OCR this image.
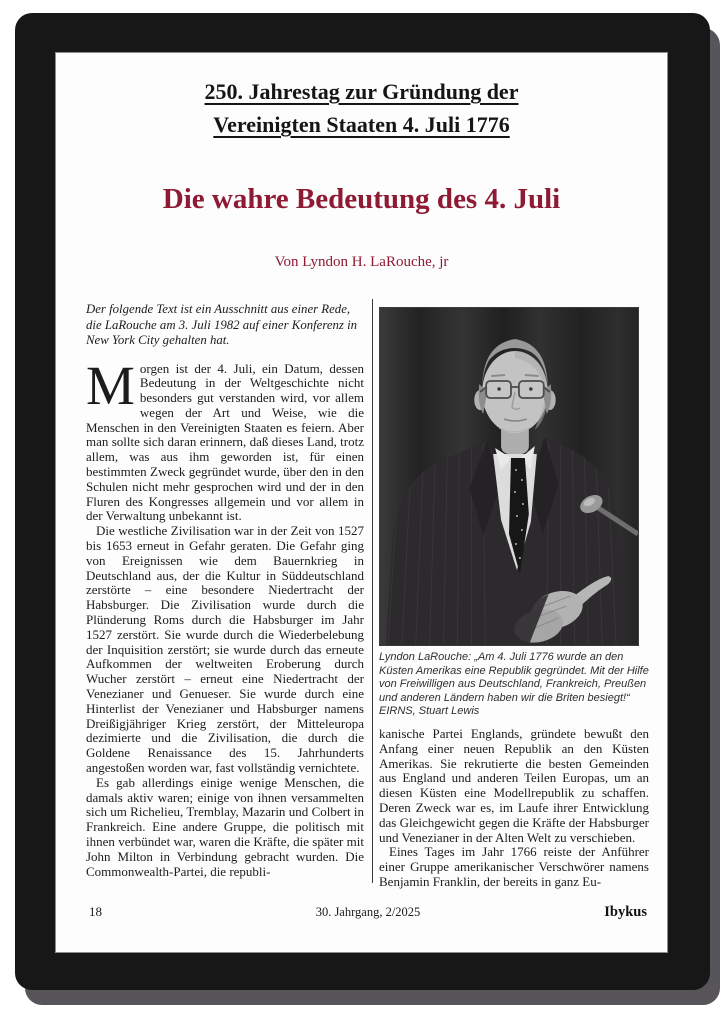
250. Jahrestag zur Gründung der
Vereinigten Staaten 4. Juli 1776
Die wahre Bedeutung des 4. Juli
Von Lyndon H. LaRouche, jr

Der folgende Text ist ein Ausschnitt aus einer Rede, die LaRouche am 3. Juli 1982 auf einer Konferenz in New York City gehalten hat.

Morgen ist der 4. Juli, ein Datum, dessen Bedeutung in der Weltgeschichte nicht besonders gut verstanden wird, vor allem wegen der Art und Weise, wie die Menschen in den Vereinigten Staaten es feiern. Aber man sollte sich daran erinnern, daß dieses Land, trotz allem, was aus ihm geworden ist, für einen bestimmten Zweck gegründet wurde, über den in den Schulen nicht mehr gesprochen wird und der in den Fluren des Kongresses allgemein und vor allem in der Verwaltung unbekannt ist.

Die westliche Zivilisation war in der Zeit von 1527 bis 1653 erneut in Gefahr geraten. Die Gefahr ging von Ereignissen wie dem Bauernkrieg in Deutschland aus, der die Kultur in Süddeutschland zerstörte – eine besondere Niedertracht der Habsburger. Die Zivilisation wurde durch die Plünderung Roms durch die Habsburger im Jahr 1527 zerstört. Sie wurde durch die Wiederbelebung der Inquisition zerstört; sie wurde durch das erneute Aufkommen der weltweiten Eroberung durch Wucher zerstört – erneut eine Niedertracht der Venezianer und Genueser. Sie wurde durch eine Hinterlist der Venezianer und Habsburger namens Dreißigjähriger Krieg zerstört, der Mitteleuropa dezimierte und die Zivilisation, die durch die Goldene Renaissance des 15. Jahrhunderts angestoßen worden war, fast vollständig vernichtete.

Es gab allerdings einige wenige Menschen, die damals aktiv waren; einige von ihnen versammelten sich um Richelieu, Tremblay, Mazarin und Colbert in Frankreich. Eine andere Gruppe, die politisch mit ihnen verbündet war, waren die Kräfte, die später mit John Milton in Verbindung gebracht wurden. Die Commonwealth-Partei, die republi-

Lyndon LaRouche: „Am 4. Juli 1776 wurde an den Küsten Amerikas eine Republik gegründet. Mit der Hilfe von Freiwilligen aus Deutschland, Frankreich, Preußen und anderen Ländern haben wir die Briten besiegt!“
EIRNS, Stuart Lewis

kanische Partei Englands, gründete bewußt den Anfang einer neuen Republik an den Küsten Amerikas. Sie rekrutierte die besten Gemeinden aus England und anderen Teilen Europas, um an diesen Küsten eine Modellrepublik zu schaffen. Deren Zweck war es, im Laufe ihrer Entwicklung das Gleichgewicht gegen die Kräfte der Habsburger und Venezianer in der Alten Welt zu verschieben.

Eines Tages im Jahr 1766 reiste der Anführer einer Gruppe amerikanischer Verschwörer namens Benjamin Franklin, der bereits in ganz Eu-

18	30. Jahrgang, 2/2025	Ibykus
